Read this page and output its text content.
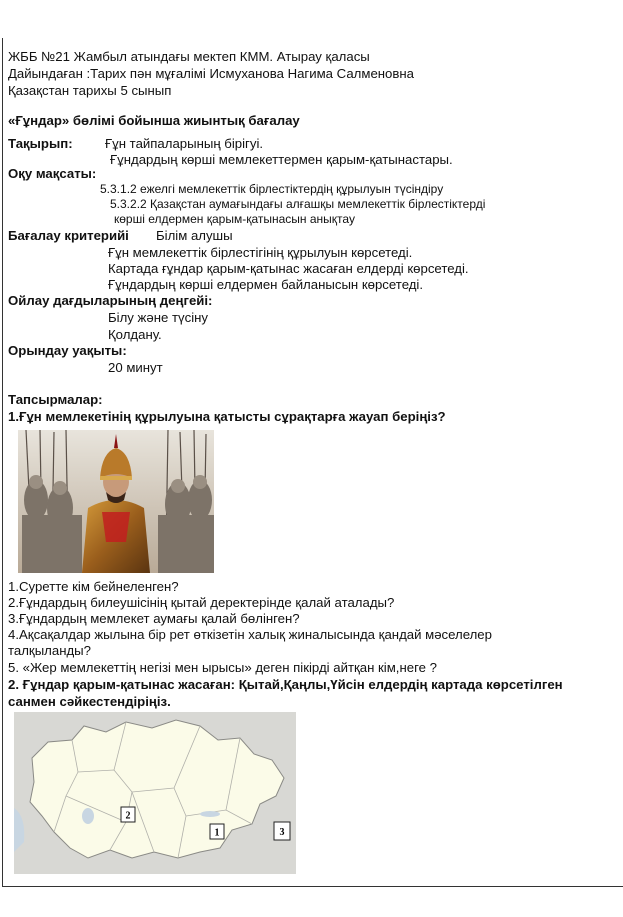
ЖББ №21 Жамбыл атындағы мектеп КММ. Атырау қаласы
Дайындаған :Тарих пән мұғалімі Исмуханова Нагима Салменовна
Қазақстан тарихы 5 сынып
«Ғұндар» бөлімі бойынша жиынтық бағалау
Тақырып: Ғұн тайпаларының бірігуі.
Ғұндардың көрші мемлекеттермен қарым-қатынастары.
Оқу мақсаты:
5.3.1.2 ежелгі мемлекеттік бірлестіктердің құрылуын түсіндіру
5.3.2.2 Қазақстан аумағындағы алғашқы мемлекеттік бірлестіктерді
көрші елдермен қарым-қатынасын анықтау
Бағалау критерийі Білім алушы
Ғұн мемлекеттік бірлестігінің құрылуын көрсетеді.
Картада ғұндар қарым-қатынас жасаған елдерді көрсетеді.
Ғұндардың көрші елдермен байланысын көрсетеді.
Ойлау дағдыларының деңгейі:
Білу және түсіну
Қолдану.
Орындау уақыты:
20 минут
Тапсырмалар:
1.Ғұн мемлекетінің құрылуына қатысты сұрақтарға жауап беріңіз?
1.Суретте кім бейнеленген?
2.Ғұндардың билеушісінің қытай деректерінде қалай аталады?
3.Ғұндардың мемлекет аумағы қалай бөлінген?
4.Ақсақалдар жылына бір рет өткізетін халық жиналысында қандай мәселелер
талқыланды?
5. «Жер мемлекеттің негізі мен ырысы» деген пікірді айтқан кім,неге ?
2. Ғұндар қарым-қатынас жасаған: Қытай,Қаңлы,Үйсін елдердің картада көрсетілген
санмен сәйкестендіріңіз.
2
1	3
